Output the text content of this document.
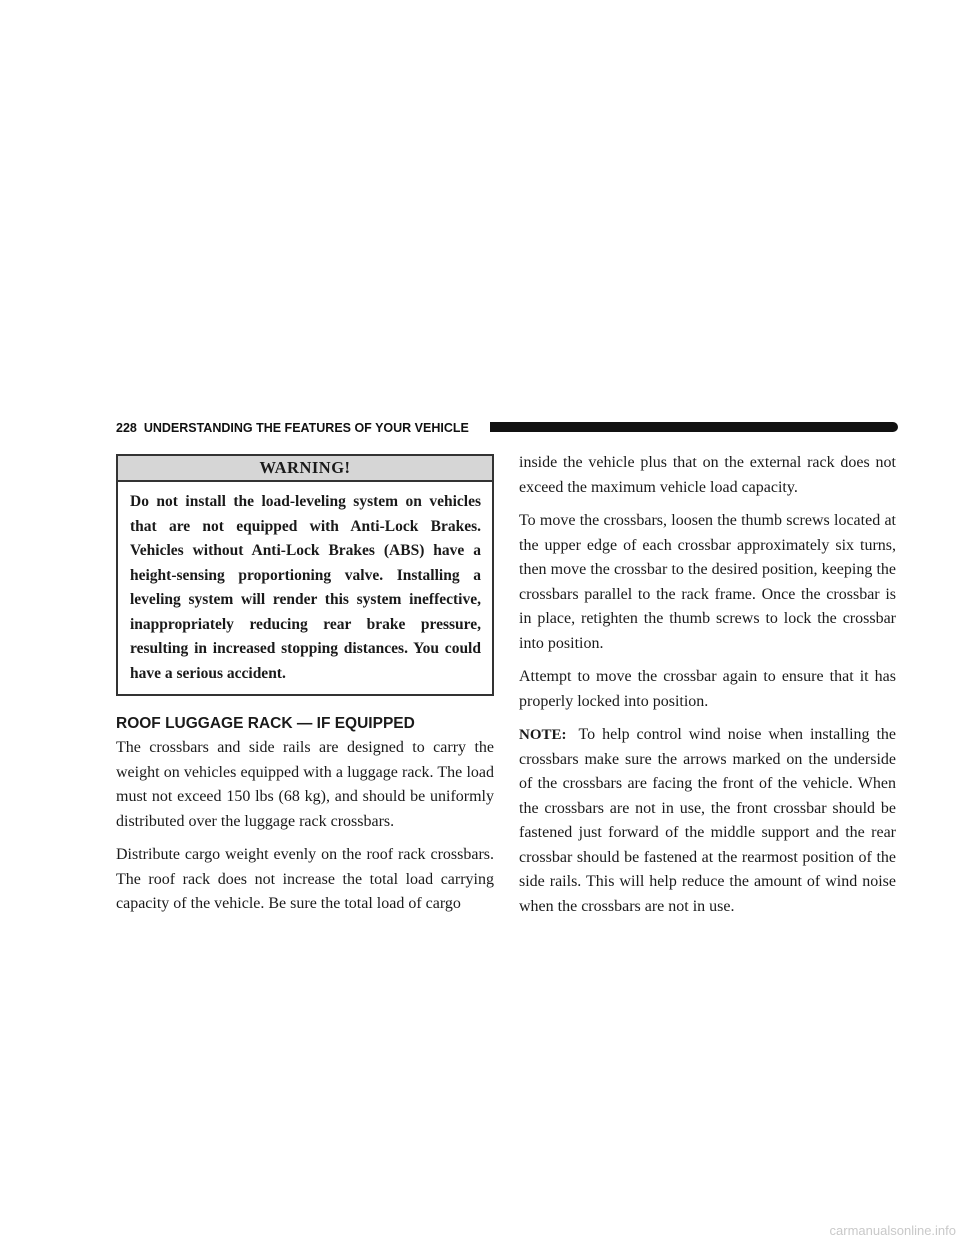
228 UNDERSTANDING THE FEATURES OF YOUR VEHICLE
WARNING!
Do not install the load-leveling system on vehicles that are not equipped with Anti-Lock Brakes. Vehicles without Anti-Lock Brakes (ABS) have a height-sensing proportioning valve. Installing a leveling system will render this system ineffective, inappropriately reducing rear brake pressure, resulting in increased stopping distances. You could have a serious accident.
ROOF LUGGAGE RACK — IF EQUIPPED

The crossbars and side rails are designed to carry the weight on vehicles equipped with a luggage rack. The load must not exceed 150 lbs (68 kg), and should be uniformly distributed over the luggage rack crossbars.

Distribute cargo weight evenly on the roof rack crossbars. The roof rack does not increase the total load carrying capacity of the vehicle. Be sure the total load of cargo

inside the vehicle plus that on the external rack does not exceed the maximum vehicle load capacity.

To move the crossbars, loosen the thumb screws located at the upper edge of each crossbar approximately six turns, then move the crossbar to the desired position, keeping the crossbars parallel to the rack frame. Once the crossbar is in place, retighten the thumb screws to lock the crossbar into position.

Attempt to move the crossbar again to ensure that it has properly locked into position.

NOTE: To help control wind noise when installing the crossbars make sure the arrows marked on the underside of the crossbars are facing the front of the vehicle. When the crossbars are not in use, the front crossbar should be fastened just forward of the middle support and the rear crossbar should be fastened at the rearmost position of the side rails. This will help reduce the amount of wind noise when the crossbars are not in use.

carmanualsonline.info
